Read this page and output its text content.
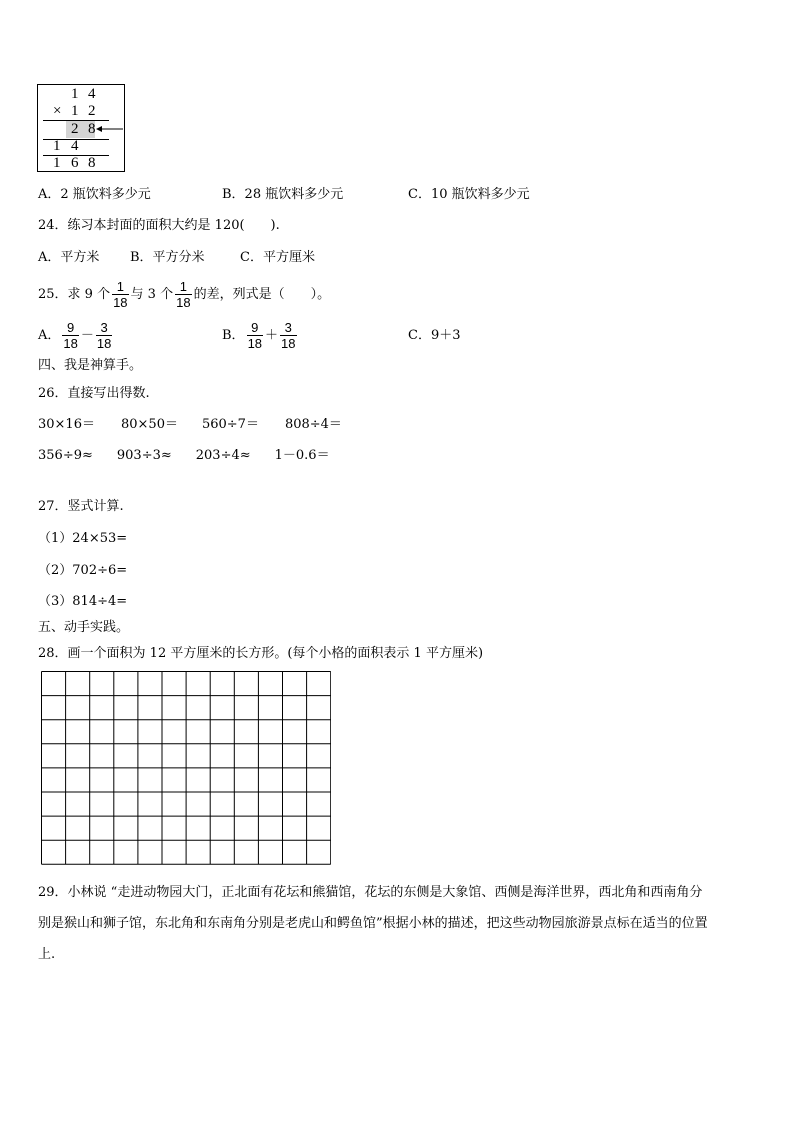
1 4
× 1 2
2 8
1 4
1 6 8
A．2 瓶饮料多少元	B．28 瓶饮料多少元	C．10 瓶饮料多少元
24．练习本封面的面积大约是 120(　　).
A．平方米 B．平方分米	C．平方厘米
25．求 9 个 $\frac{1}{18}$ 与 3 个 $\frac{1}{18}$ 的差，列式是（　　）。
A． $\frac{9}{18} - \frac{3}{18}$	B． $\frac{9}{18} + \frac{3}{18}$	C．9＋3
四、我是神算手。
26．直接写出得数.
30×16＝ 80×50＝ 560÷7＝ 808÷4＝
356÷9≈ 903÷3≈ 203÷4≈ 1－0.6＝
27．竖式计算.
（1）24×53=
（2）702÷6=
（3）814÷4=
五、动手实践。
28．画一个面积为 12 平方厘米的长方形。(每个小格的面积表示 1 平方厘米)
29．小林说 “走进动物园大门，正北面有花坛和熊猫馆，花坛的东侧是大象馆、西侧是海洋世界，西北角和西南角分
别是猴山和狮子馆，东北角和东南角分别是老虎山和鳄鱼馆”根据小林的描述，把这些动物园旅游景点标在适当的位置
上.
